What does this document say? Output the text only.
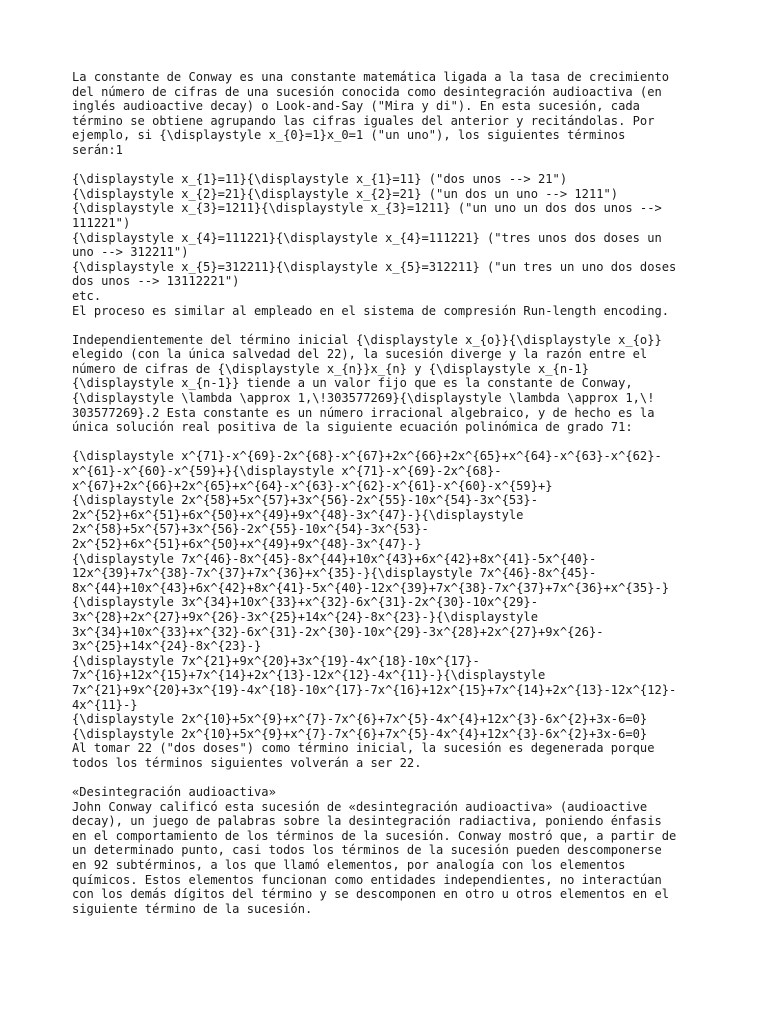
La constante de Conway es una constante matemática ligada a la tasa de crecimiento
del número de cifras de una sucesión conocida como desintegración audioactiva (en
inglés audioactive decay) o Look-and-Say ("Mira y di"). En esta sucesión, cada
término se obtiene agrupando las cifras iguales del anterior y recitándolas. Por
ejemplo, si {\displaystyle x_{0}=1}x_0=1 ("un uno"), los siguientes términos
serán:1
{\displaystyle x_{1}=11}{\displaystyle x_{1}=11} ("dos unos --> 21")
{\displaystyle x_{2}=21}{\displaystyle x_{2}=21} ("un dos un uno --> 1211")
{\displaystyle x_{3}=1211}{\displaystyle x_{3}=1211} ("un uno un dos dos unos -->
111221")
{\displaystyle x_{4}=111221}{\displaystyle x_{4}=111221} ("tres unos dos doses un
uno --> 312211")
{\displaystyle x_{5}=312211}{\displaystyle x_{5}=312211} ("un tres un uno dos doses
dos unos --> 13112221")
etc.
El proceso es similar al empleado en el sistema de compresión Run-length encoding.
Independientemente del término inicial {\displaystyle x_{o}}{\displaystyle x_{o}}
elegido (con la única salvedad del 22), la sucesión diverge y la razón entre el
número de cifras de {\displaystyle x_{n}}x_{n} y {\displaystyle x_{n-1}
{\displaystyle x_{n-1}} tiende a un valor fijo que es la constante de Conway,
{\displaystyle \lambda \approx 1,\!303577269}{\displaystyle \lambda \approx 1,\!
303577269}.2 Esta constante es un número irracional algebraico, y de hecho es la
única solución real positiva de la siguiente ecuación polinómica de grado 71:
{\displaystyle x^{71}-x^{69}-2x^{68}-x^{67}+2x^{66}+2x^{65}+x^{64}-x^{63}-x^{62}-
x^{61}-x^{60}-x^{59}+}{\displaystyle x^{71}-x^{69}-2x^{68}-
x^{67}+2x^{66}+2x^{65}+x^{64}-x^{63}-x^{62}-x^{61}-x^{60}-x^{59}+}
{\displaystyle 2x^{58}+5x^{57}+3x^{56}-2x^{55}-10x^{54}-3x^{53}-
2x^{52}+6x^{51}+6x^{50}+x^{49}+9x^{48}-3x^{47}-}{\displaystyle
2x^{58}+5x^{57}+3x^{56}-2x^{55}-10x^{54}-3x^{53}-
2x^{52}+6x^{51}+6x^{50}+x^{49}+9x^{48}-3x^{47}-}
{\displaystyle 7x^{46}-8x^{45}-8x^{44}+10x^{43}+6x^{42}+8x^{41}-5x^{40}-
12x^{39}+7x^{38}-7x^{37}+7x^{36}+x^{35}-}{\displaystyle 7x^{46}-8x^{45}-
8x^{44}+10x^{43}+6x^{42}+8x^{41}-5x^{40}-12x^{39}+7x^{38}-7x^{37}+7x^{36}+x^{35}-}
{\displaystyle 3x^{34}+10x^{33}+x^{32}-6x^{31}-2x^{30}-10x^{29}-
3x^{28}+2x^{27}+9x^{26}-3x^{25}+14x^{24}-8x^{23}-}{\displaystyle
3x^{34}+10x^{33}+x^{32}-6x^{31}-2x^{30}-10x^{29}-3x^{28}+2x^{27}+9x^{26}-
3x^{25}+14x^{24}-8x^{23}-}
{\displaystyle 7x^{21}+9x^{20}+3x^{19}-4x^{18}-10x^{17}-
7x^{16}+12x^{15}+7x^{14}+2x^{13}-12x^{12}-4x^{11}-}{\displaystyle
7x^{21}+9x^{20}+3x^{19}-4x^{18}-10x^{17}-7x^{16}+12x^{15}+7x^{14}+2x^{13}-12x^{12}-
4x^{11}-}
{\displaystyle 2x^{10}+5x^{9}+x^{7}-7x^{6}+7x^{5}-4x^{4}+12x^{3}-6x^{2}+3x-6=0}
{\displaystyle 2x^{10}+5x^{9}+x^{7}-7x^{6}+7x^{5}-4x^{4}+12x^{3}-6x^{2}+3x-6=0}
Al tomar 22 ("dos doses") como término inicial, la sucesión es degenerada porque
todos los términos siguientes volverán a ser 22.
«Desintegración audioactiva»
John Conway calificó esta sucesión de «desintegración audioactiva» (audioactive
decay), un juego de palabras sobre la desintegración radiactiva, poniendo énfasis
en el comportamiento de los términos de la sucesión. Conway mostró que, a partir de
un determinado punto, casi todos los términos de la sucesión pueden descomponerse
en 92 subtérminos, a los que llamó elementos, por analogía con los elementos
químicos. Estos elementos funcionan como entidades independientes, no interactúan
con los demás dígitos del término y se descomponen en otro u otros elementos en el
siguiente término de la sucesión.
